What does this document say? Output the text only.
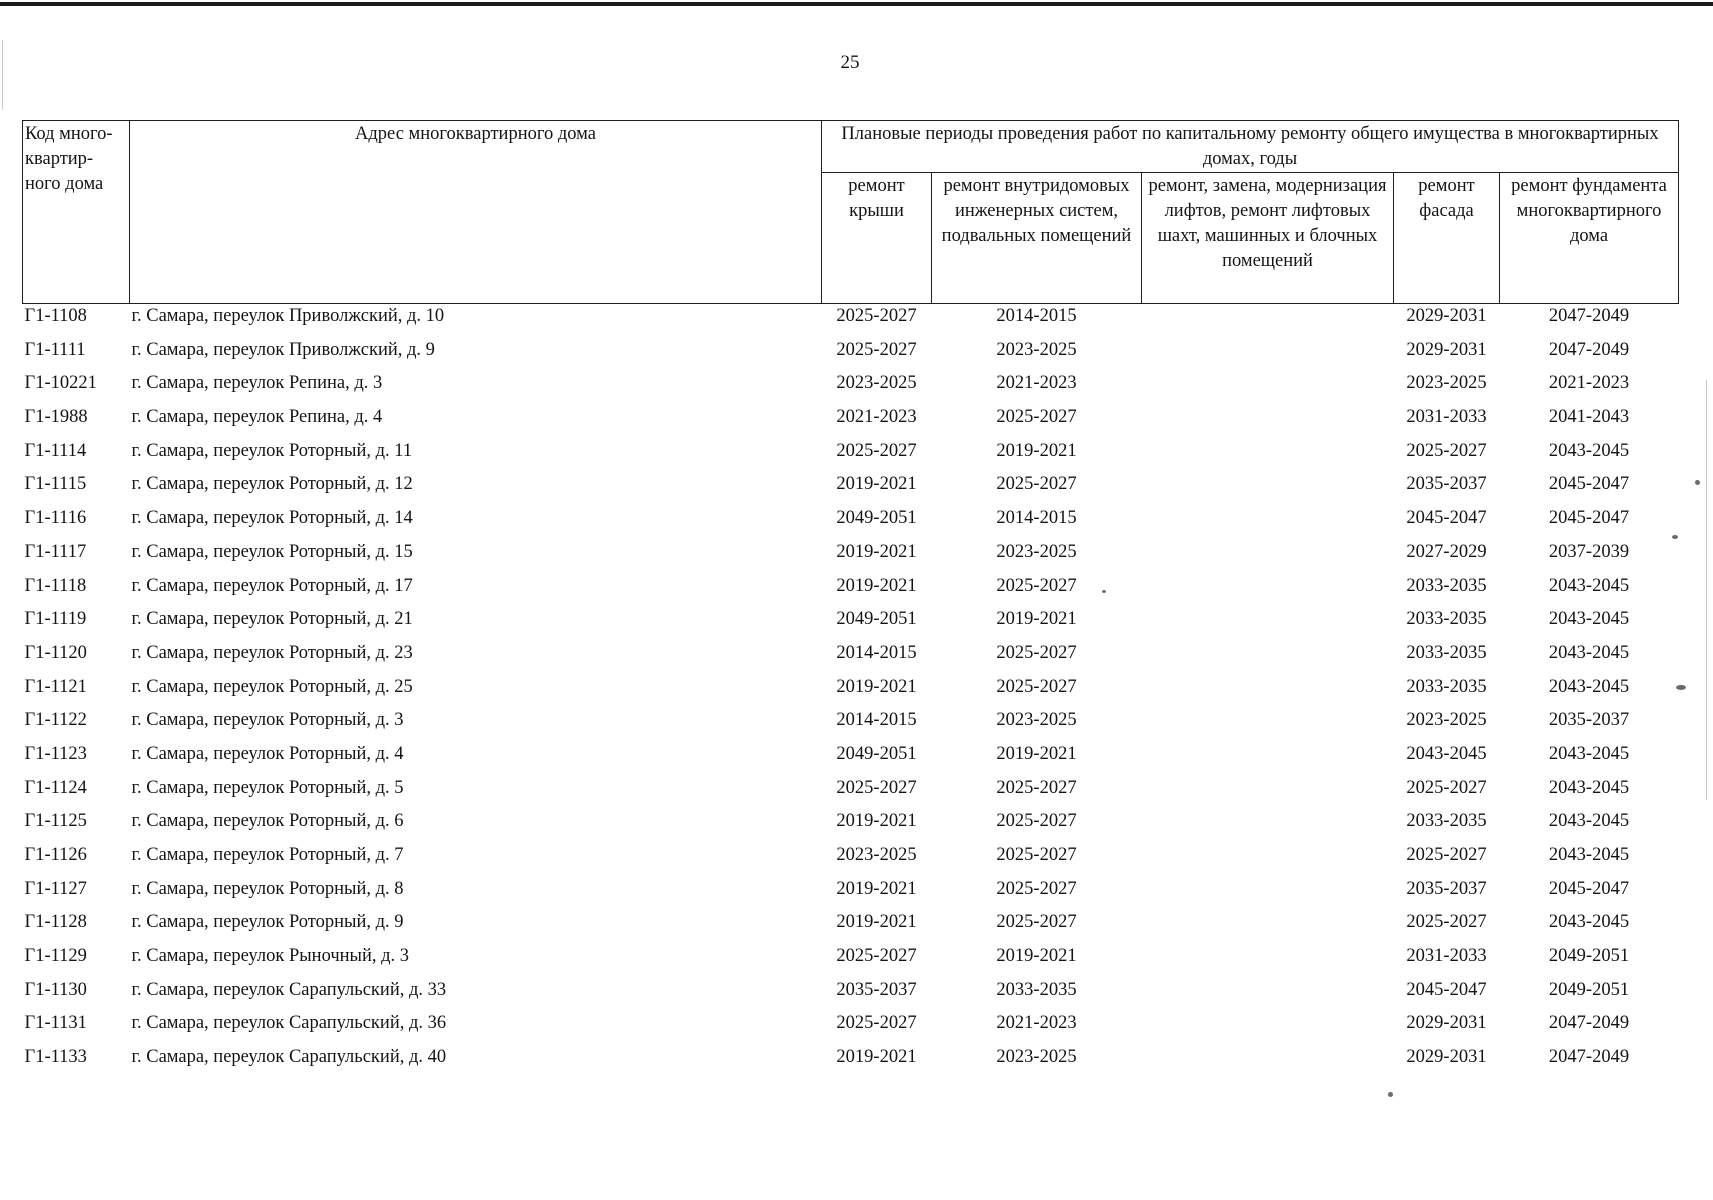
25
Код много-квартир-ного дома	Адрес многоквартирного дома	Плановые периоды проведения работ по капитальному ремонту общего имущества в многоквартирных домах, годы				
		ремонт крыши	ремонт внутридомовых инженерных систем, подвальных помещений	ремонт, замена, модернизация лифтов, ремонт лифтовых шахт, машинных и блочных помещений	ремонт фасада	ремонт фундамента многоквартирного дома
Г1-1108	г. Самара, переулок Приволжский, д. 10	2025-2027	2014-2015		2029-2031	2047-2049
Г1-1111	г. Самара, переулок Приволжский, д. 9	2025-2027	2023-2025		2029-2031	2047-2049
Г1-10221	г. Самара, переулок Репина, д. 3	2023-2025	2021-2023		2023-2025	2021-2023
Г1-1988	г. Самара, переулок Репина, д. 4	2021-2023	2025-2027		2031-2033	2041-2043
Г1-1114	г. Самара, переулок Роторный, д. 11	2025-2027	2019-2021		2025-2027	2043-2045
Г1-1115	г. Самара, переулок Роторный, д. 12	2019-2021	2025-2027		2035-2037	2045-2047
Г1-1116	г. Самара, переулок Роторный, д. 14	2049-2051	2014-2015		2045-2047	2045-2047
Г1-1117	г. Самара, переулок Роторный, д. 15	2019-2021	2023-2025		2027-2029	2037-2039
Г1-1118	г. Самара, переулок Роторный, д. 17	2019-2021	2025-2027		2033-2035	2043-2045
Г1-1119	г. Самара, переулок Роторный, д. 21	2049-2051	2019-2021		2033-2035	2043-2045
Г1-1120	г. Самара, переулок Роторный, д. 23	2014-2015	2025-2027		2033-2035	2043-2045
Г1-1121	г. Самара, переулок Роторный, д. 25	2019-2021	2025-2027		2033-2035	2043-2045
Г1-1122	г. Самара, переулок Роторный, д. 3	2014-2015	2023-2025		2023-2025	2035-2037
Г1-1123	г. Самара, переулок Роторный, д. 4	2049-2051	2019-2021		2043-2045	2043-2045
Г1-1124	г. Самара, переулок Роторный, д. 5	2025-2027	2025-2027		2025-2027	2043-2045
Г1-1125	г. Самара, переулок Роторный, д. 6	2019-2021	2025-2027		2033-2035	2043-2045
Г1-1126	г. Самара, переулок Роторный, д. 7	2023-2025	2025-2027		2025-2027	2043-2045
Г1-1127	г. Самара, переулок Роторный, д. 8	2019-2021	2025-2027		2035-2037	2045-2047
Г1-1128	г. Самара, переулок Роторный, д. 9	2019-2021	2025-2027		2025-2027	2043-2045
Г1-1129	г. Самара, переулок Рыночный, д. 3	2025-2027	2019-2021		2031-2033	2049-2051
Г1-1130	г. Самара, переулок Сарапульский, д. 33	2035-2037	2033-2035		2045-2047	2049-2051
Г1-1131	г. Самара, переулок Сарапульский, д. 36	2025-2027	2021-2023		2029-2031	2047-2049
Г1-1133	г. Самара, переулок Сарапульский, д. 40	2019-2021	2023-2025		2029-2031	2047-2049
